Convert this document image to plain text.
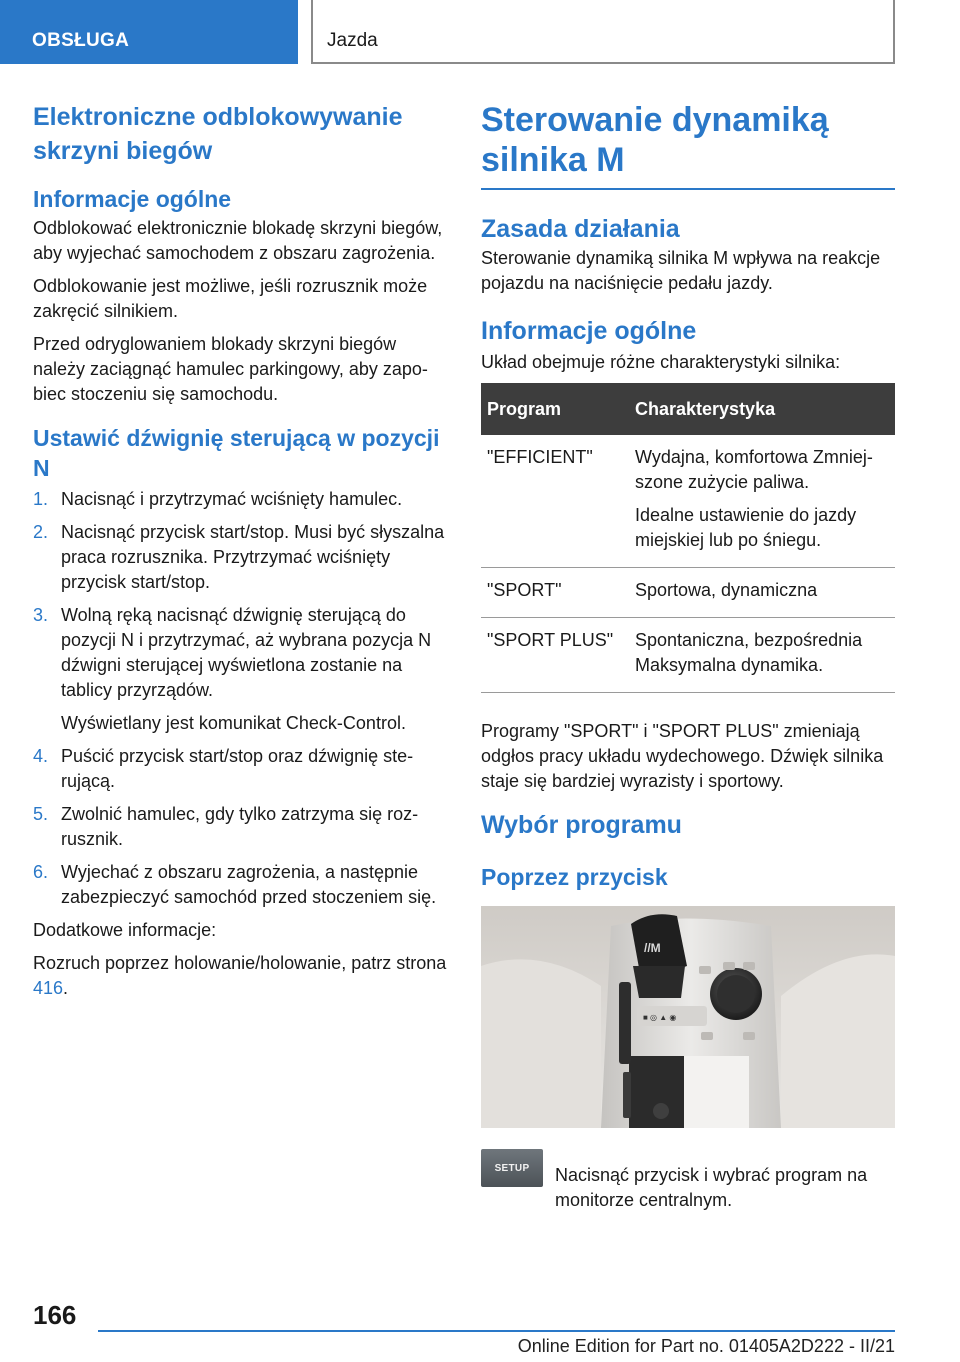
OBSŁUGA	Jazda
Elektroniczne odblokowywanie skrzyni biegów
Informacje ogólne

Odblokować elektronicznie blokadę skrzyni biegów, aby wyjechać samochodem z obszaru zagrożenia.

Odblokowanie jest możliwe, jeśli rozrusznik może zakręcić silnikiem.

Przed odryglowaniem blokady skrzyni biegów należy zaciągnąć hamulec parkingowy, aby zapobiec stoczeniu się samochodu.

Ustawić dźwignię sterującą w pozycji N
1. Nacisnąć i przytrzymać wciśnięty hamulec.
2. Nacisnąć przycisk start/stop. Musi być słyszalna praca rozrusznika. Przytrzymać wciśnięty przycisk start/stop.
3. Wolną ręką nacisnąć dźwignię sterującą do pozycji N i przytrzymać, aż wybrana pozycja N dźwigni sterującej wyświetlona zostanie na tablicy przyrządów.
Wyświetlany jest komunikat Check-Control.
4. Puścić przycisk start/stop oraz dźwignię sterującą.
5. Zwolnić hamulec, gdy tylko zatrzyma się rozrusznik.
6. Wyjechać z obszaru zagrożenia, a następnie zabezpieczyć samochód przed stoczeniem się.

Dodatkowe informacje:

Rozruch poprzez holowanie/holowanie, patrz strona 416.

Sterowanie dynamiką silnika M
Zasada działania

Sterowanie dynamiką silnika M wpływa na reakcje pojazdu na naciśnięcie pedału jazdy.

Informacje ogólne

Układ obejmuje różne charakterystyki silnika:

Program	Charakterystyka
"EFFICIENT"	Wydajna, komfortowa Zmniejszone zużycie paliwa.
Idealne ustawienie do jazdy miejskiej lub po śniegu.

"SPORT"	Sportowa, dynamiczna
"SPORT PLUS"	Spontaniczna, bezpośrednia Maksymalna dynamika.

Programy "SPORT" i "SPORT PLUS" zmieniają odgłos pracy układu wydechowego. Dźwięk silnika staje się bardziej wyrazisty i sportowy.

Wybór programu
Poprzez przycisk
//M
■ ◎ ▲ ◉
SETUP Nacisnąć przycisk i wybrać program na monitorze centralnym.

166
Online Edition for Part no. 01405A2D222 - II/21
